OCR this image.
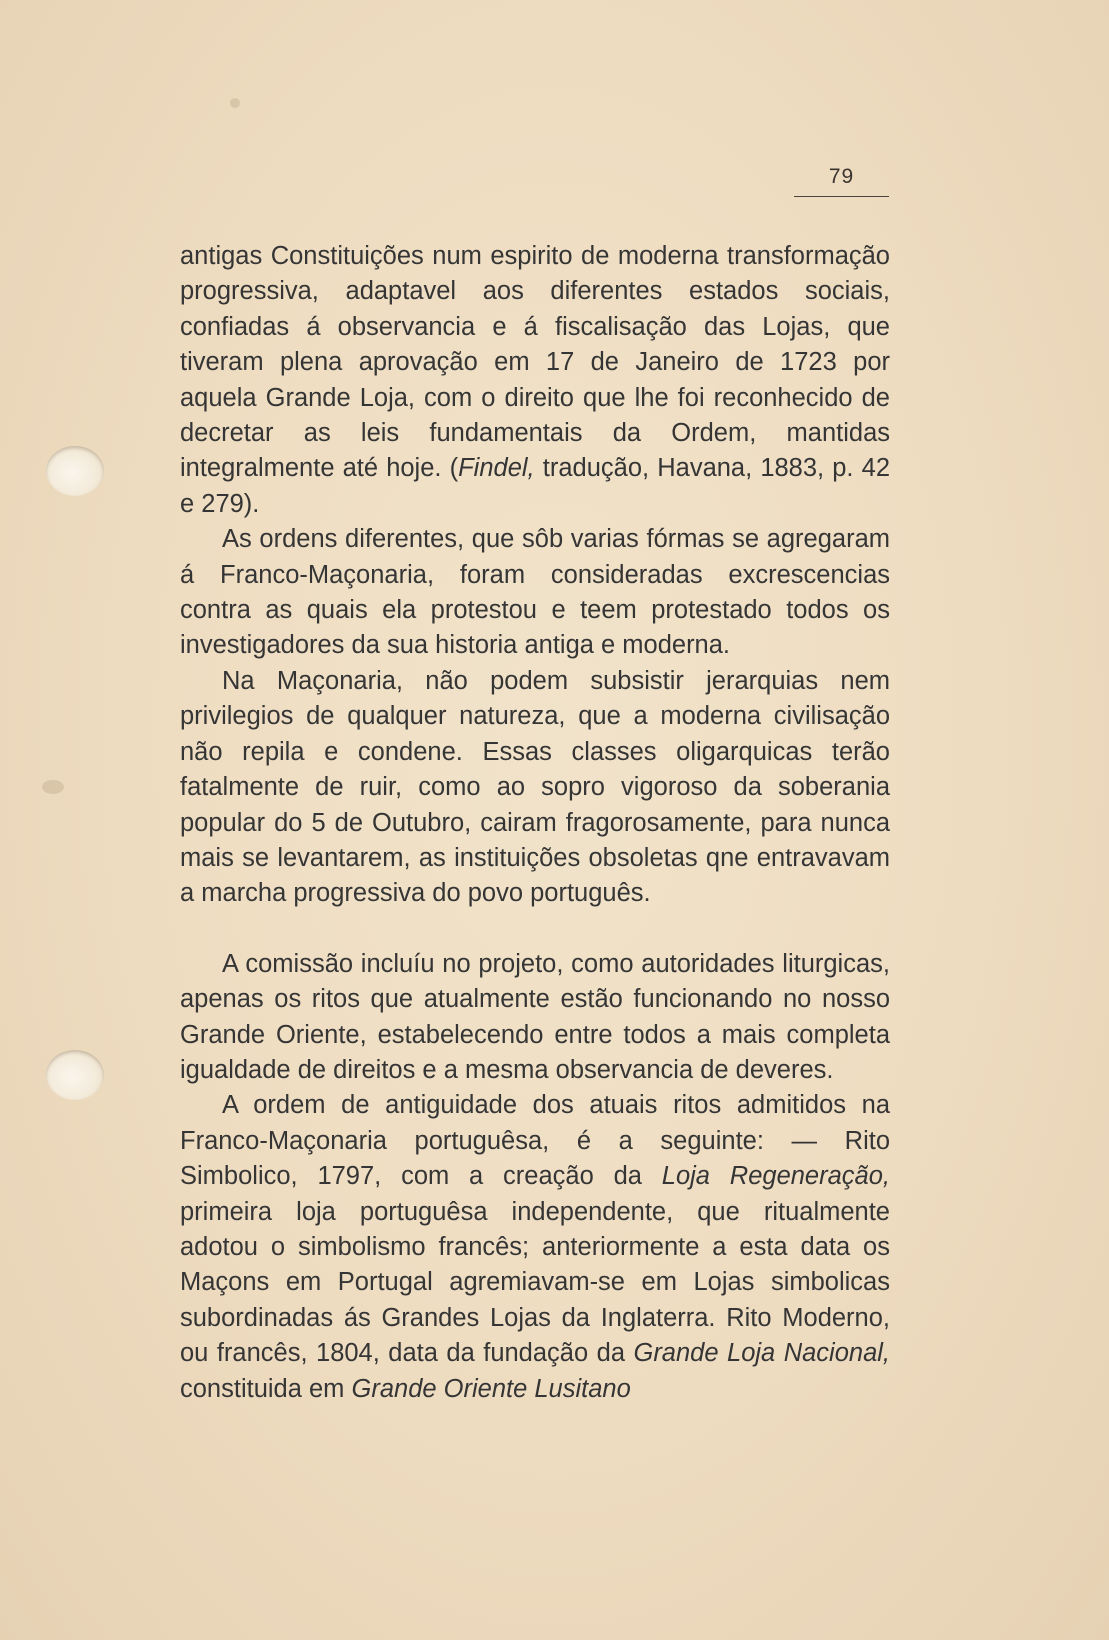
79

antigas Constituições num espirito de moderna transformação progressiva, adaptavel aos diferentes estados sociais, confiadas á observancia e á fiscalisação das Lojas, que tiveram plena aprovação em 17 de Janeiro de 1723 por aquela Grande Loja, com o direito que lhe foi reconhecido de decretar as leis fundamentais da Ordem, mantidas integralmente até hoje. (Findel, tradução, Havana, 1883, p. 42 e 279).

As ordens diferentes, que sôb varias fórmas se agregaram á Franco-Maçonaria, foram consideradas excrescencias contra as quais ela protestou e teem protestado todos os investigadores da sua historia antiga e moderna.

Na Maçonaria, não podem subsistir jerarquias nem privilegios de qualquer natureza, que a moderna civilisação não repila e condene. Essas classes oligarquicas terão fatalmente de ruir, como ao sopro vigoroso da soberania popular do 5 de Outubro, cairam fragorosamente, para nunca mais se levantarem, as instituições obsoletas qne entravavam a marcha progressiva do povo português.

A comissão incluíu no projeto, como autoridades liturgicas, apenas os ritos que atualmente estão funcionando no nosso Grande Oriente, estabelecendo entre todos a mais completa igualdade de direitos e a mesma observancia de deveres.

A ordem de antiguidade dos atuais ritos admitidos na Franco-Maçonaria portuguêsa, é a seguinte: — Rito Simbolico, 1797, com a creação da Loja Regeneração, primeira loja portuguêsa independente, que ritualmente adotou o simbolismo francês; anteriormente a esta data os Maçons em Portugal agremiavam-se em Lojas simbolicas subordinadas ás Grandes Lojas da Inglaterra. Rito Moderno, ou francês, 1804, data da fundação da Grande Loja Nacional, constituida em Grande Oriente Lusitano
